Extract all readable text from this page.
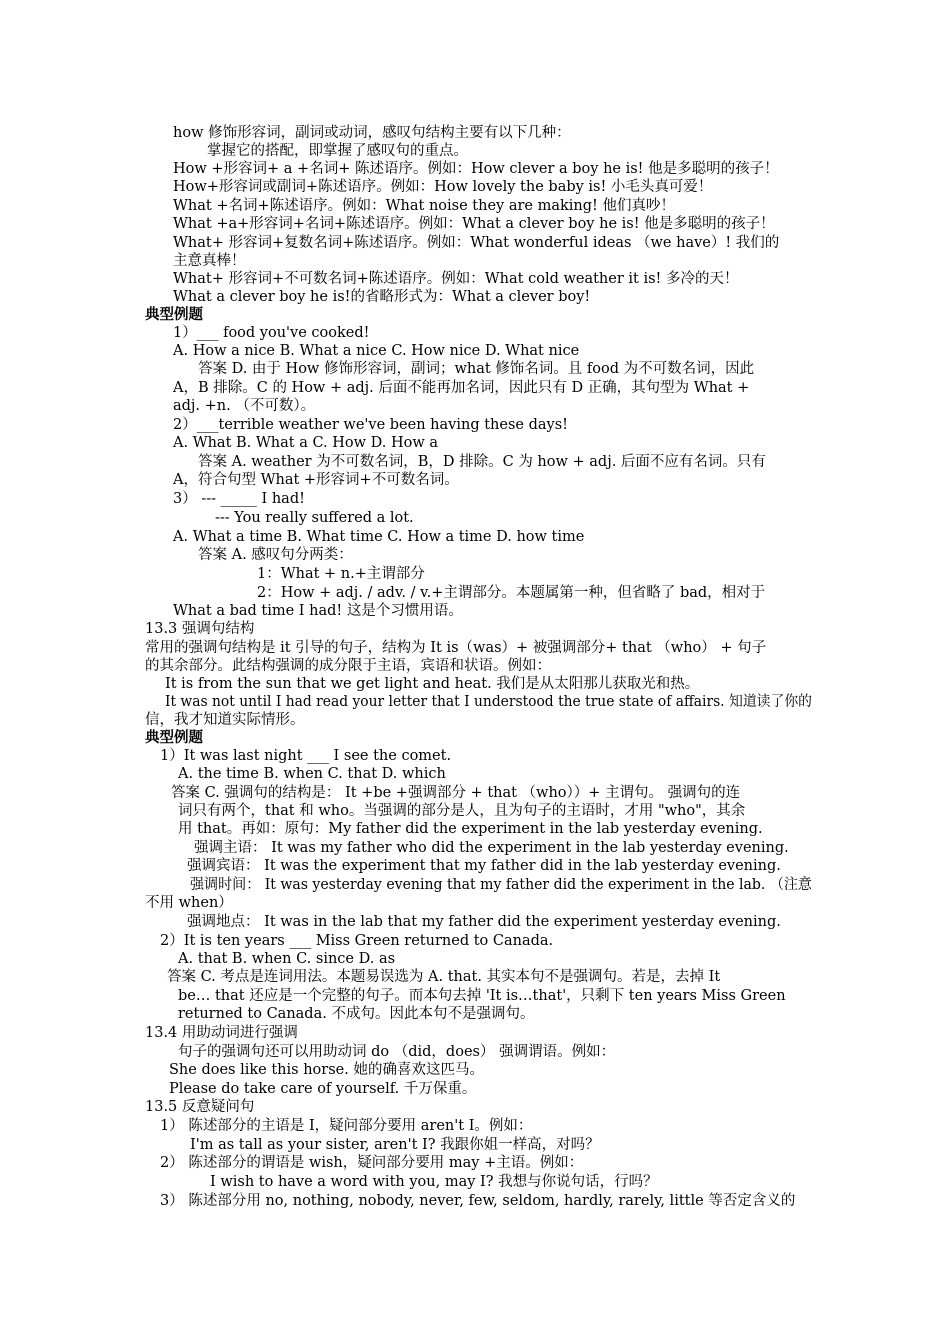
how 修饰形容词，副词或动词，感叹句结构主要有以下几种：
掌握它的搭配，即掌握了感叹句的重点。
How +形容词+ a +名词+ 陈述语序。例如：How clever a boy he is! 他是多聪明的孩子！
How+形容词或副词+陈述语序。例如：How lovely the baby is! 小毛头真可爱！
What +名词+陈述语序。例如：What noise they are making! 他们真吵！
What +a+形容词+名词+陈述语序。例如：What a clever boy he is! 他是多聪明的孩子！
What+ 形容词+复数名词+陈述语序。例如：What wonderful ideas （we have）! 我们的
主意真棒！
What+ 形容词+不可数名词+陈述语序。例如：What cold weather it is! 多冷的天！
What a clever boy he is!的省略形式为：What a clever boy!
典型例题
1）___ food you've cooked!
A. How a nice B. What a nice C. How nice D. What nice
答案 D. 由于 How 修饰形容词，副词；what 修饰名词。且 food 为不可数名词，因此
A，B 排除。C 的 How + adj. 后面不能再加名词，因此只有 D 正确，其句型为 What +
adj. +n. （不可数）。
2）___terrible weather we've been having these days!
A. What B. What a C. How D. How a
答案 A. weather 为不可数名词，B，D 排除。C 为 how + adj. 后面不应有名词。只有
A，符合句型 What +形容词+不可数名词。
3） --- _____ I had!
--- You really suffered a lot.
A. What a time B. What time C. How a time D. how time
答案 A. 感叹句分两类：
1：What + n.+主谓部分
2：How + adj. / adv. / v.+主谓部分。本题属第一种，但省略了 bad，相对于
What a bad time I had! 这是个习惯用语。
13.3 强调句结构
常用的强调句结构是 it 引导的句子，结构为 It is（was）+ 被强调部分+ that （who） + 句子
的其余部分。此结构强调的成分限于主语，宾语和状语。例如：
It is from the sun that we get light and heat. 我们是从太阳那儿获取光和热。
It was not until I had read your letter that I understood the true state of affairs. 知道读了你的
信，我才知道实际情形。
典型例题
1）It was last night ___ I see the comet.
A. the time B. when C. that D. which
答案 C. 强调句的结构是： It +be +强调部分 + that （who））+ 主谓句。 强调句的连
词只有两个，that 和 who。当强调的部分是人，且为句子的主语时，才用 "who"，其余
用 that。再如：原句：My father did the experiment in the lab yesterday evening.
强调主语： It was my father who did the experiment in the lab yesterday evening.
强调宾语： It was the experiment that my father did in the lab yesterday evening.
强调时间： It was yesterday evening that my father did the experiment in the lab. （注意
不用 when）
强调地点： It was in the lab that my father did the experiment yesterday evening.
2）It is ten years ___ Miss Green returned to Canada.
A. that B. when C. since D. as
答案 C. 考点是连词用法。本题易误选为 A. that. 其实本句不是强调句。若是，去掉 It
be… that 还应是一个完整的句子。而本句去掉 'It is…that'，只剩下 ten years Miss Green
returned to Canada. 不成句。因此本句不是强调句。
13.4 用助动词进行强调
句子的强调句还可以用助动词 do （did，does） 强调谓语。例如：
She does like this horse. 她的确喜欢这匹马。
Please do take care of yourself. 千万保重。
13.5 反意疑问句
1） 陈述部分的主语是 I，疑问部分要用 aren't I。例如：
I'm as tall as your sister, aren't I? 我跟你姐一样高，对吗？
2） 陈述部分的谓语是 wish，疑问部分要用 may +主语。例如：
I wish to have a word with you, may I? 我想与你说句话，行吗？
3） 陈述部分用 no, nothing, nobody, never, few, seldom, hardly, rarely, little 等否定含义的
